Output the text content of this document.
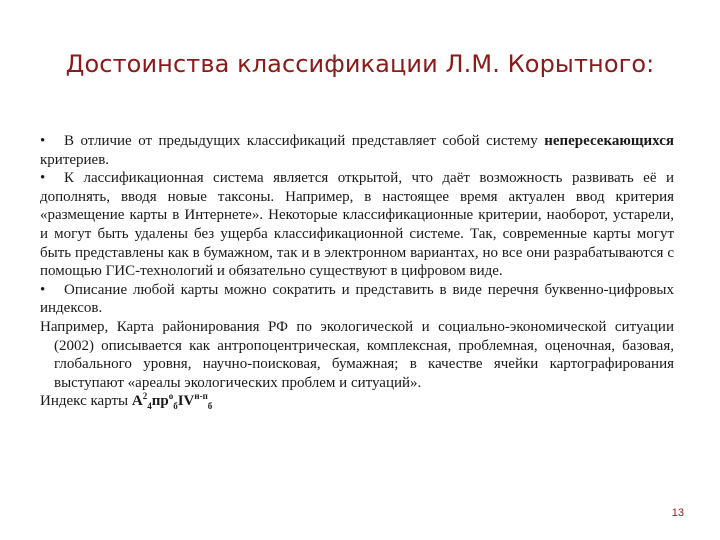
Достоинства классификации Л.М. Корытного:

• В отличие от предыдущих классификаций представляет собой систему непересекающихся критериев.

• К лассификационная система является открытой, что даёт возможность развивать её и дополнять, вводя новые таксоны. Например, в настоящее время актуален ввод критерия «размещение карты в Интернете». Некоторые классификационные критерии, наоборот, устарели, и могут быть удалены без ущерба классификационной системе. Так, современные карты могут быть представлены как в бумажном, так и в электронном вариантах, но все они разрабатываются с помощью ГИС-технологий и обязательно существуют в цифровом виде.

• Описание любой карты можно сократить и представить в виде перечня буквенно-цифровых индексов.

Например, Карта районирования РФ по экологической и социально-экономической ситуации (2002) описывается как антропоцентрическая, комплексная, проблемная, оценочная, базовая, глобального уровня, научно-поисковая, бумажная; в качестве ячейки картографирования выступают «ареалы экологических проблем и ситуаций».

Индекс карты $A^2_4пр^о_бIV^{н-п}_б$

13
